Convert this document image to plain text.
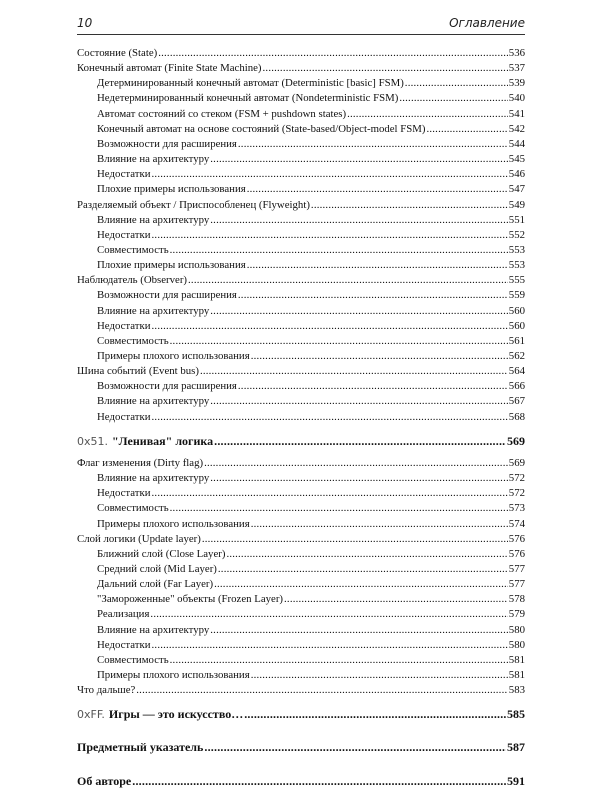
10	Оглавление
Состояние (State) .....	536
Конечный автомат (Finite State Machine) .....	537
Детерминированный конечный автомат (Deterministic [basic] FSM) .....	539
Недетерминированный конечный автомат (Nondeterministic FSM) .....	540
Автомат состояний со стеком (FSM + pushdown states) .....	541
Конечный автомат на основе состояний (State-based/Object-model FSM) .....	542
Возможности для расширения .....	544
Влияние на архитектуру .....	545
Недостатки .....	546
Плохие примеры использования .....	547
Разделяемый объект / Приспособленец (Flyweight) .....	549
Влияние на архитектуру .....	551
Недостатки .....	552
Совместимость .....	553
Плохие примеры использования .....	553
Наблюдатель (Observer) .....	555
Возможности для расширения .....	559
Влияние на архитектуру .....	560
Недостатки .....	560
Совместимость .....	561
Примеры плохого использования .....	562
Шина событий (Event bus) .....	564
Возможности для расширения .....	566
Влияние на архитектуру .....	567
Недостатки .....	568
0x51. "Ленивая" логика .....	569
Флаг изменения (Dirty flag) .....	569
Влияние на архитектуру .....	572
Недостатки .....	572
Совместимость .....	573
Примеры плохого использования .....	574
Слой логики (Update layer) .....	576
Ближний слой (Close Layer) .....	576
Средний слой (Mid Layer) .....	577
Дальний слой (Far Layer) .....	577
"Замороженные" объекты (Frozen Layer) .....	578
Реализация .....	579
Влияние на архитектуру .....	580
Недостатки .....	580
Совместимость .....	581
Примеры плохого использования .....	581
Что дальше? .....	583
0xFF. Игры — это искусство… .....	585
Предметный указатель .....	587
Об авторе .....	591
